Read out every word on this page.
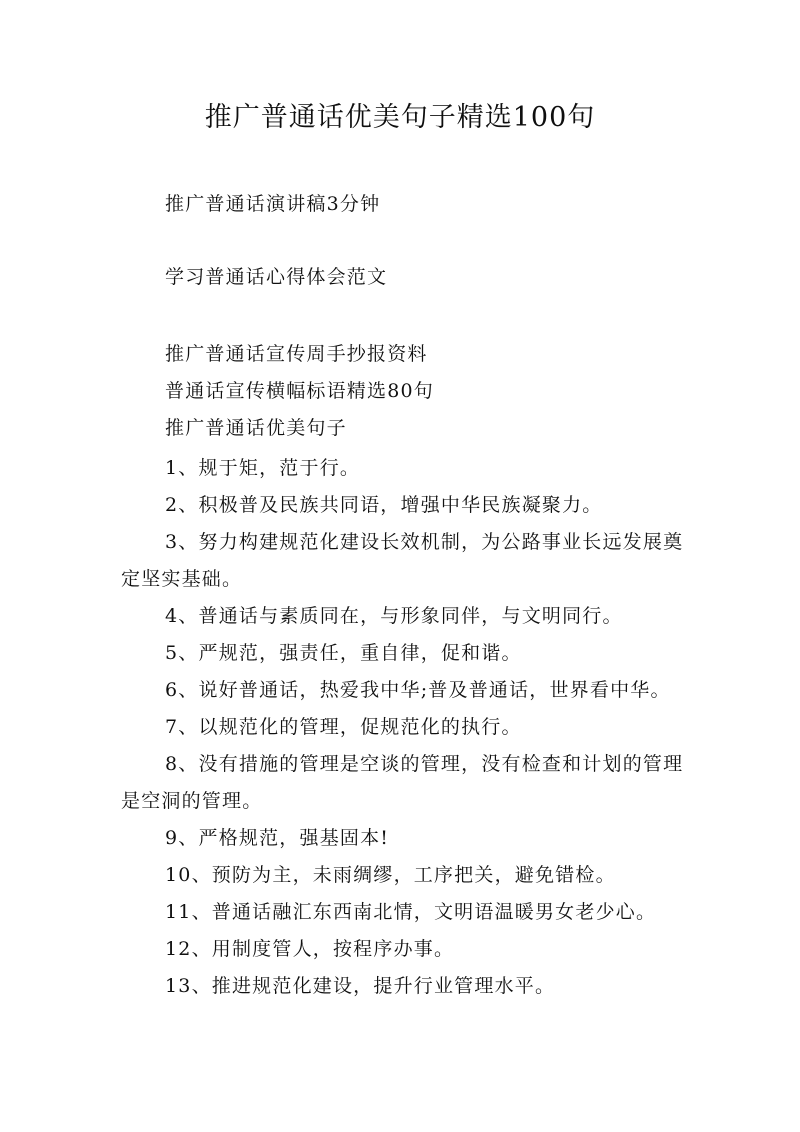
推广普通话优美句子精选100句

推广普通话演讲稿3分钟

学习普通话心得体会范文

推广普通话宣传周手抄报资料

普通话宣传横幅标语精选80句

推广普通话优美句子

1、规于矩，范于行。

2、积极普及民族共同语，增强中华民族凝聚力。

3、努力构建规范化建设长效机制，为公路事业长远发展奠定坚实基础。

4、普通话与素质同在，与形象同伴，与文明同行。

5、严规范，强责任，重自律，促和谐。

6、说好普通话，热爱我中华;普及普通话，世界看中华。

7、以规范化的管理，促规范化的执行。

8、没有措施的管理是空谈的管理，没有检查和计划的管理是空洞的管理。

9、严格规范，强基固本!

10、预防为主，未雨绸缪，工序把关，避免错检。

11、普通话融汇东西南北情，文明语温暖男女老少心。

12、用制度管人，按程序办事。

13、推进规范化建设，提升行业管理水平。
